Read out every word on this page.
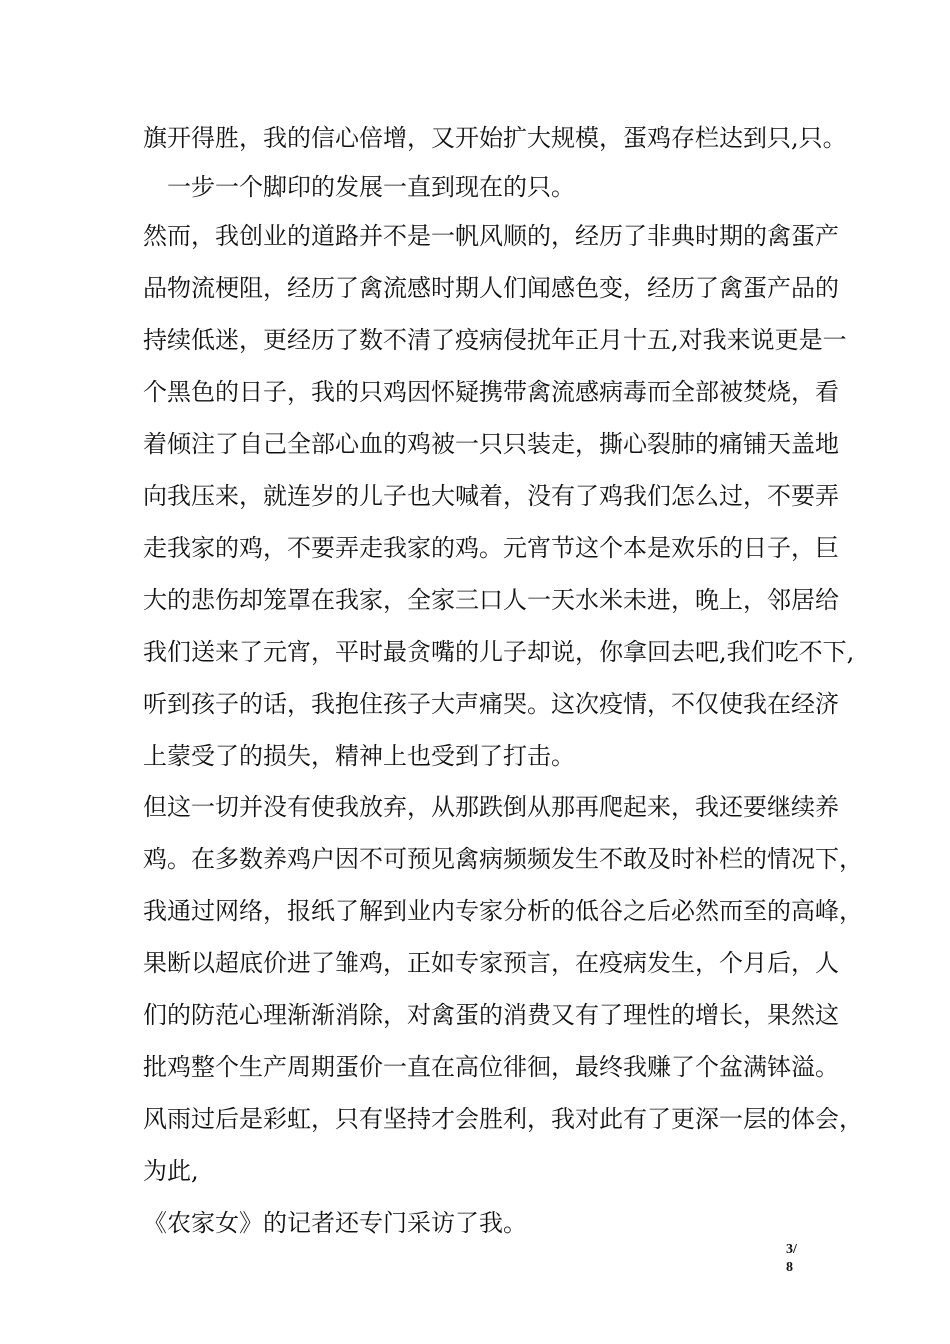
旗开得胜，我的信心倍增，又开始扩大规模，蛋鸡存栏达到只,只。
　一步一个脚印的发展一直到现在的只。
然而，我创业的道路并不是一帆风顺的，经历了非典时期的禽蛋产
品物流梗阻，经历了禽流感时期人们闻感色变，经历了禽蛋产品的
持续低迷，更经历了数不清了疫病侵扰年正月十五,对我来说更是一
个黑色的日子，我的只鸡因怀疑携带禽流感病毒而全部被焚烧，看
着倾注了自己全部心血的鸡被一只只装走，撕心裂肺的痛铺天盖地
向我压来，就连岁的儿子也大喊着，没有了鸡我们怎么过，不要弄
走我家的鸡，不要弄走我家的鸡。元宵节这个本是欢乐的日子，巨
大的悲伤却笼罩在我家，全家三口人一天水米未进，晚上，邻居给
我们送来了元宵，平时最贪嘴的儿子却说，你拿回去吧,我们吃不下,
听到孩子的话，我抱住孩子大声痛哭。这次疫情，不仅使我在经济
上蒙受了的损失，精神上也受到了打击。
但这一切并没有使我放弃，从那跌倒从那再爬起来，我还要继续养
鸡。在多数养鸡户因不可预见禽病频频发生不敢及时补栏的情况下，
我通过网络，报纸了解到业内专家分析的低谷之后必然而至的高峰，
果断以超底价进了雏鸡，正如专家预言，在疫病发生，个月后，人
们的防范心理渐渐消除，对禽蛋的消费又有了理性的增长，果然这
批鸡整个生产周期蛋价一直在高位徘徊，最终我赚了个盆满钵溢。
风雨过后是彩虹，只有坚持才会胜利，我对此有了更深一层的体会，
为此,
《农家女》的记者还专门采访了我。
3/
8
